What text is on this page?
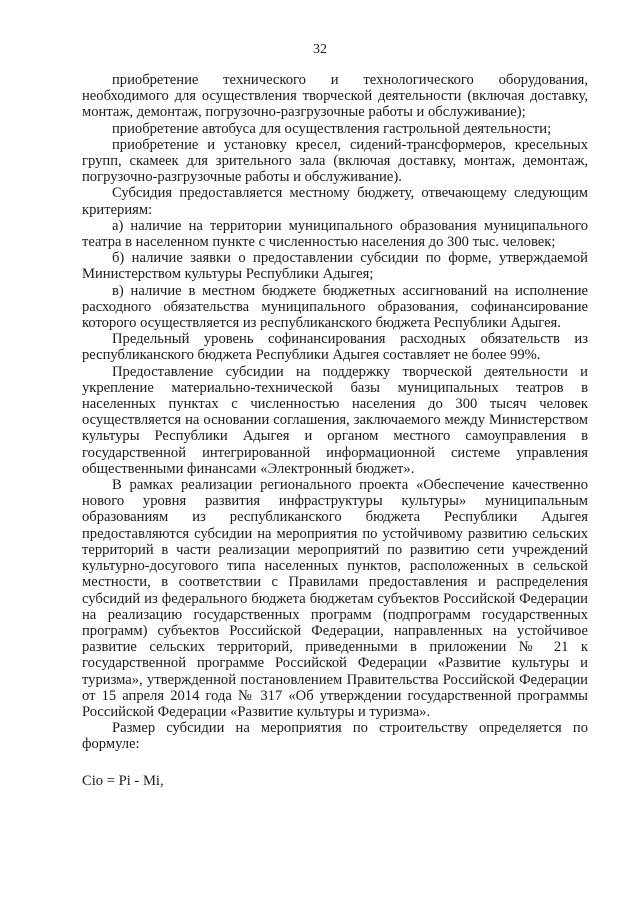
32

приобретение технического и технологического оборудования, необходимого для осуществления творческой деятельности (включая доставку, монтаж, демонтаж, погрузочно-разгрузочные работы и обслуживание);

приобретение автобуса для осуществления гастрольной деятельности;

приобретение и установку кресел, сидений-трансформеров, кресельных групп, скамеек для зрительного зала (включая доставку, монтаж, демонтаж, погрузочно-разгрузочные работы и обслуживание).

Субсидия предоставляется местному бюджету, отвечающему следующим критериям:

а) наличие на территории муниципального образования муниципального театра в населенном пункте с численностью населения до 300 тыс. человек;

б) наличие заявки о предоставлении субсидии по форме, утверждаемой Министерством культуры Республики Адыгея;

в) наличие в местном бюджете бюджетных ассигнований на исполнение расходного обязательства муниципального образования, софинансирование которого осуществляется из республиканского бюджета Республики Адыгея.

Предельный уровень софинансирования расходных обязательств из республиканского бюджета Республики Адыгея составляет не более 99%.

Предоставление субсидии на поддержку творческой деятельности и укрепление материально-технической базы муниципальных театров в населенных пунктах с численностью населения до 300 тысяч человек осуществляется на основании соглашения, заключаемого между Министерством культуры Республики Адыгея и органом местного самоуправления в государственной интегрированной информационной системе управления общественными финансами «Электронный бюджет».

В рамках реализации регионального проекта «Обеспечение качественно нового уровня развития инфраструктуры культуры» муниципальным образованиям из республиканского бюджета Республики Адыгея предоставляются субсидии на мероприятия по устойчивому развитию сельских территорий в части реализации мероприятий по развитию сети учреждений культурно-досугового типа населенных пунктов, расположенных в сельской местности, в соответствии с Правилами предоставления и распределения субсидий из федерального бюджета бюджетам субъектов Российской Федерации на реализацию государственных программ (подпрограмм государственных программ) субъектов Российской Федерации, направленных на устойчивое развитие сельских территорий, приведенными в приложении № 21 к государственной программе Российской Федерации «Развитие культуры и туризма», утвержденной постановлением Правительства Российской Федерации от 15 апреля 2014 года № 317 «Об утверждении государственной программы Российской Федерации «Развитие культуры и туризма».

Размер субсидии на мероприятия по строительству определяется по формуле:

Сiо = Рi - Мi,
